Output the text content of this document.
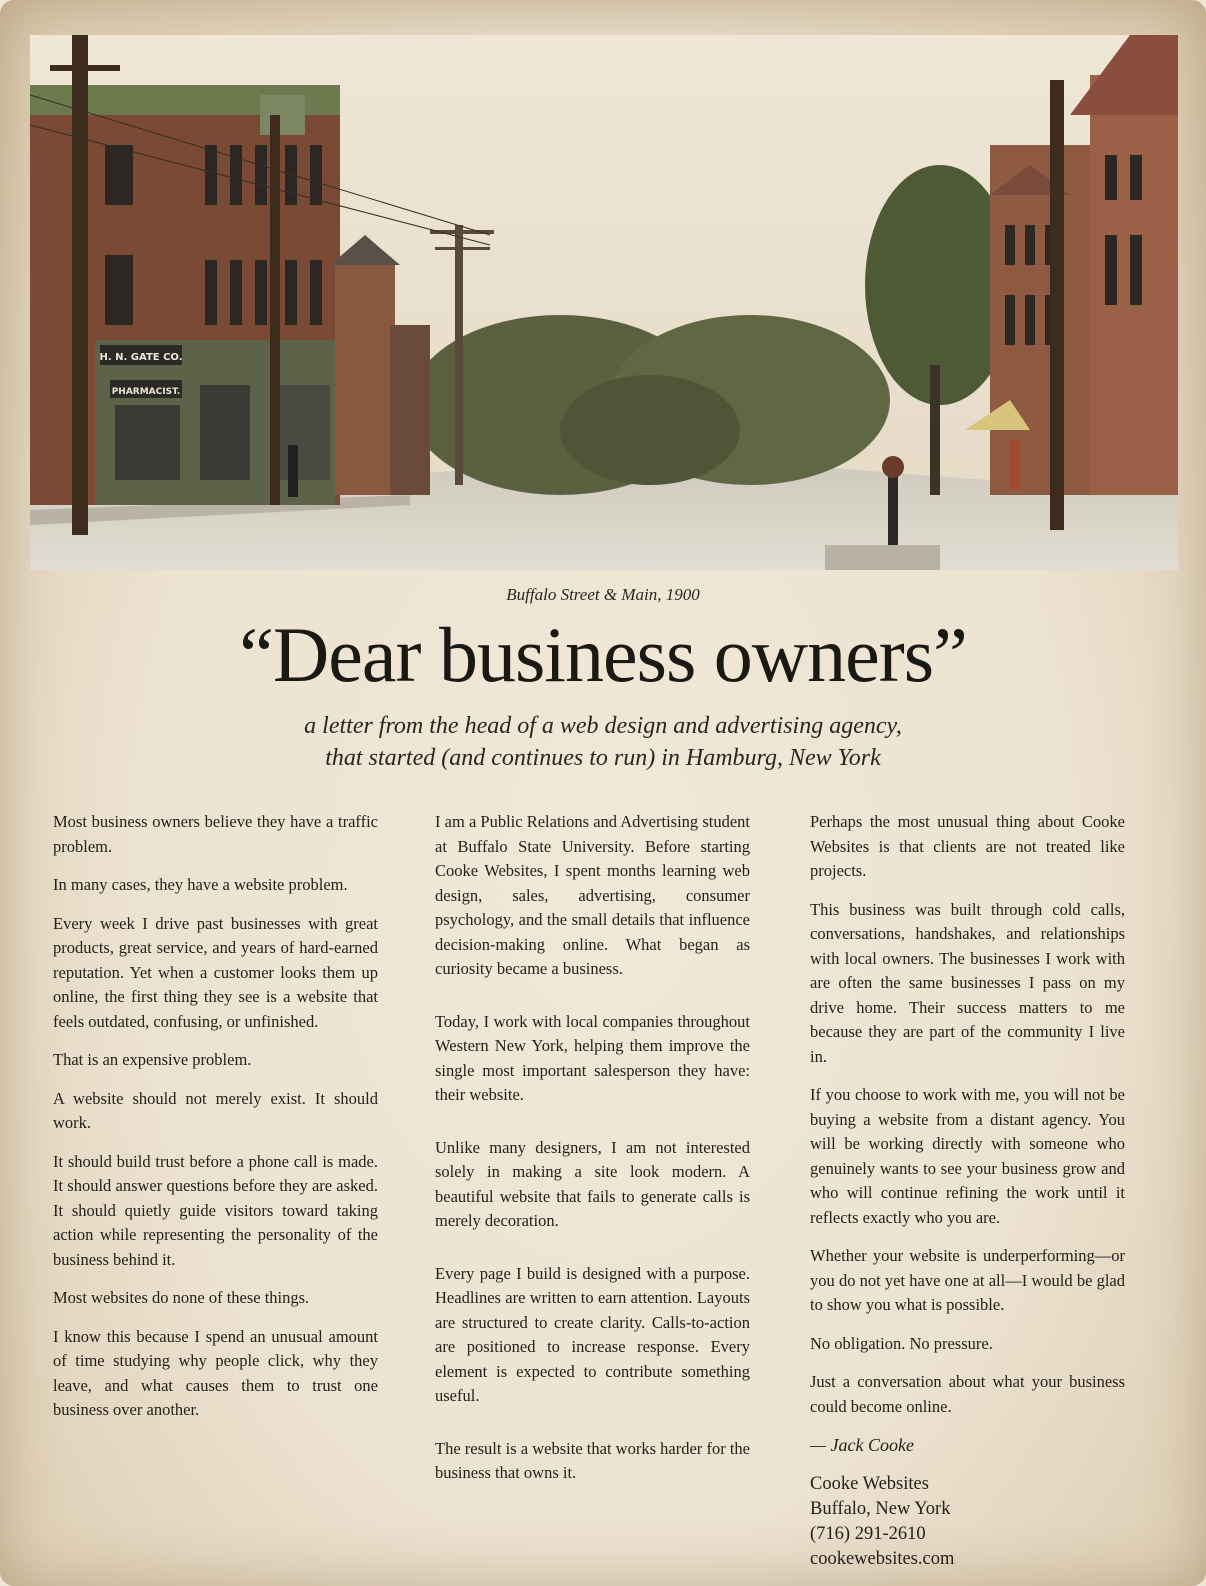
H. N. GATE CO.
PHARMACIST.
Buffalo Street & Main, 1900
“Dear business owners”
a letter from the head of a web design and advertising agency,
that started (and continues to run) in Hamburg, New York

Most business owners believe they have a traffic problem.

In many cases, they have a website problem.

Every week I drive past businesses with great products, great service, and years of hard-earned reputation. Yet when a customer looks them up online, the first thing they see is a website that feels outdated, confusing, or unfinished.

That is an expensive problem.

A website should not merely exist. It should work.

It should build trust before a phone call is made. It should answer questions before they are asked. It should quietly guide visitors toward taking action while representing the personality of the business behind it.

Most websites do none of these things.

I know this because I spend an unusual amount of time studying why people click, why they leave, and what causes them to trust one business over another.

I am a Public Relations and Advertising student at Buffalo State University. Before starting Cooke Websites, I spent months learning web design, sales, advertising, consumer psychology, and the small details that influence decision-making online. What began as curiosity became a business.

Today, I work with local companies throughout Western New York, helping them improve the single most important salesperson they have: their website.

Unlike many designers, I am not interested solely in making a site look modern. A beautiful website that fails to generate calls is merely decoration.

Every page I build is designed with a purpose. Headlines are written to earn attention. Layouts are structured to create clarity. Calls-to-action are positioned to increase response. Every element is expected to contribute something useful.

The result is a website that works harder for the business that owns it.

Perhaps the most unusual thing about Cooke Websites is that clients are not treated like projects.

This business was built through cold calls, conversations, handshakes, and relationships with local owners. The businesses I work with are often the same businesses I pass on my drive home. Their success matters to me because they are part of the community I live in.

If you choose to work with me, you will not be buying a website from a distant agency. You will be working directly with someone who genuinely wants to see your business grow and who will continue refining the work until it reflects exactly who you are.

Whether your website is underperforming—or you do not yet have one at all—I would be glad to show you what is possible.

No obligation. No pressure.

Just a conversation about what your business could become online.

— Jack Cooke

Cooke Websites
Buffalo, New York
(716) 291-2610
cookewebsites.com
